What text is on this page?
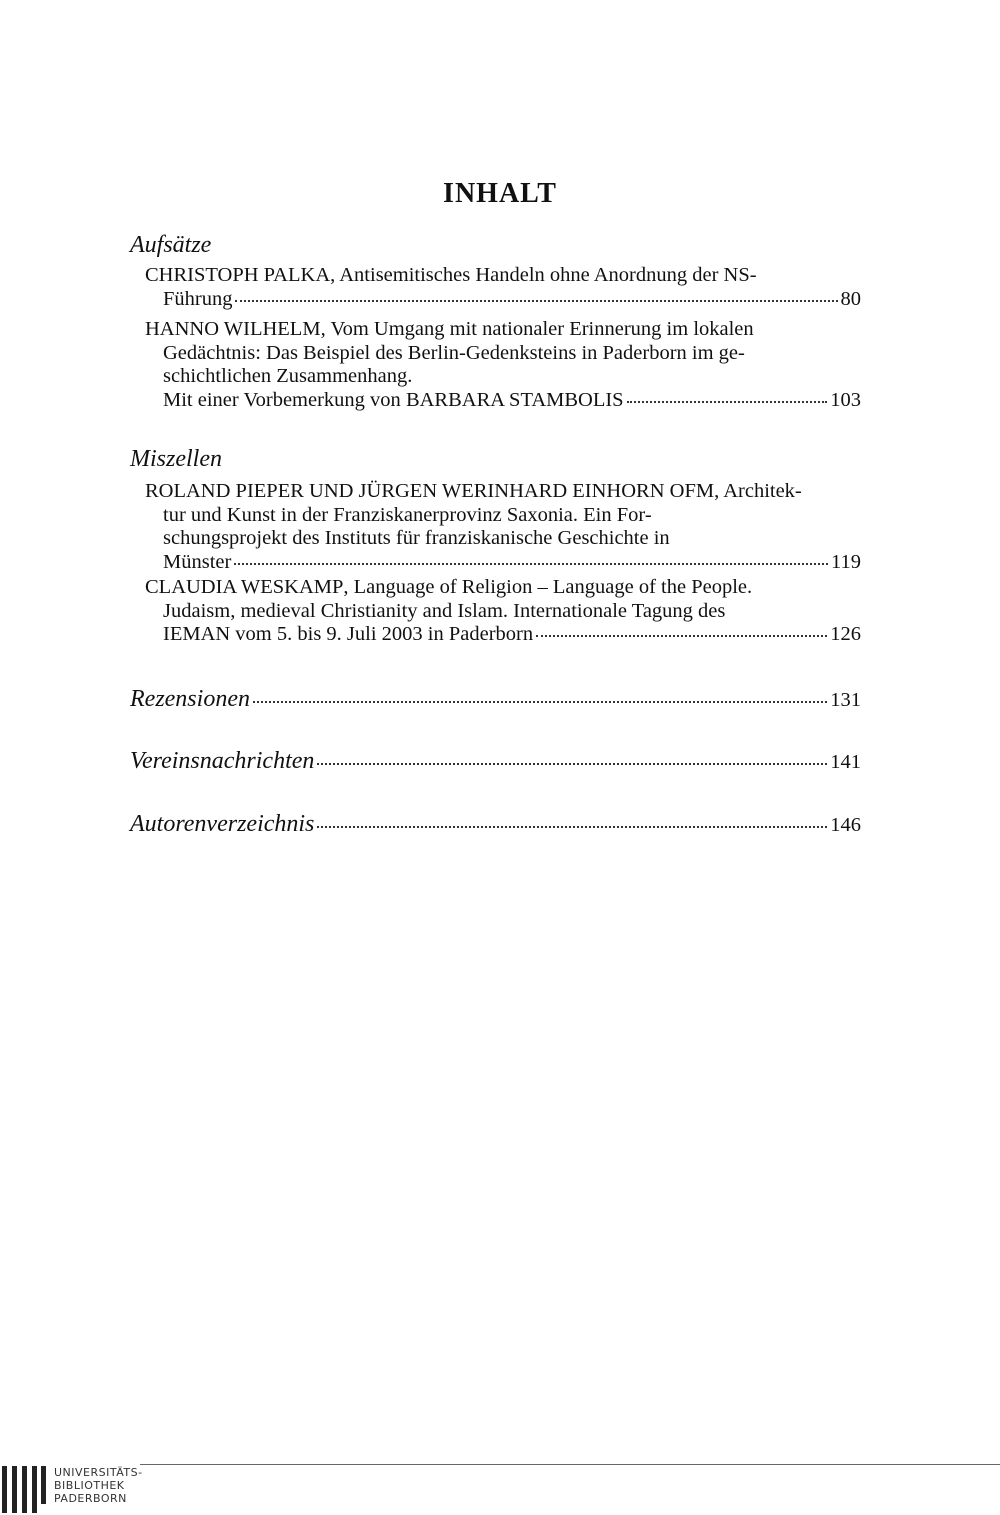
INHALT
Aufsätze
CHRISTOPH PALKA, Antisemitisches Handeln ohne Anordnung der NS-
Führung	80
HANNO WILHELM, Vom Umgang mit nationaler Erinnerung im lokalen
Gedächtnis: Das Beispiel des Berlin-Gedenksteins in Paderborn im ge-
schichtlichen Zusammenhang.
Mit einer Vorbemerkung von BARBARA STAMBOLIS	103
Miszellen
ROLAND PIEPER UND JÜRGEN WERINHARD EINHORN OFM, Architek-
tur und Kunst in der Franziskanerprovinz Saxonia. Ein For-
schungsprojekt des Instituts für franziskanische Geschichte in
Münster	119
CLAUDIA WESKAMP, Language of Religion – Language of the People.
Judaism, medieval Christianity and Islam. Internationale Tagung des
IEMAN vom 5. bis 9. Juli 2003 in Paderborn	126
Rezensionen	131
Vereinsnachrichten	141
Autorenverzeichnis	146
UNIVERSITÄTS-
BIBLIOTHEK
PADERBORN
